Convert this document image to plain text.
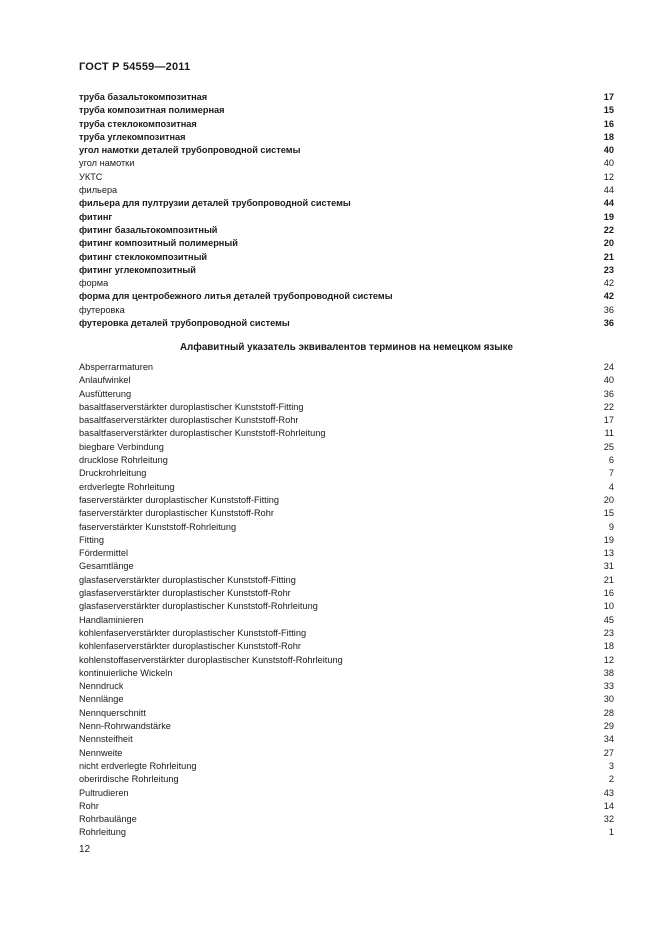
ГОСТ Р 54559—2011
труба базальтокомпозитная	17
труба композитная полимерная	15
труба стеклокомпозитная	16
труба углекомпозитная	18
угол намотки деталей трубопроводной системы	40
угол намотки	40
УКТС	12
фильера	44
фильера для пултрузии деталей трубопроводной системы	44
фитинг	19
фитинг базальтокомпозитный	22
фитинг композитный полимерный	20
фитинг стеклокомпозитный	21
фитинг углекомпозитный	23
форма	42
форма для центробежного литья деталей трубопроводной системы	42
футеровка	36
футеровка деталей трубопроводной системы	36
Алфавитный указатель эквивалентов терминов на немецком языке
Absperrarmaturen	24
Anlaufwinkel	40
Ausfütterung	36
basaltfaserverstärkter duroplastischer Kunststoff-Fitting	22
basaltfaserverstärkter duroplastischer Kunststoff-Rohr	17
basaltfaserverstärkter duroplastischer Kunststoff-Rohrleitung	11
biegbare Verbindung	25
drucklose Rohrleitung	6
Druckrohrleitung	7
erdverlegte Rohrleitung	4
faserverstärkter duroplastischer Kunststoff-Fitting	20
faserverstärkter duroplastischer Kunststoff-Rohr	15
faserverstärkter Kunststoff-Rohrleitung	9
Fitting	19
Fördermittel	13
Gesamtlänge	31
glasfaserverstärkter duroplastischer Kunststoff-Fitting	21
glasfaserverstärkter duroplastischer Kunststoff-Rohr	16
glasfaserverstärkter duroplastischer Kunststoff-Rohrleitung	10
Handlaminieren	45
kohlenfaserverstärkter duroplastischer Kunststoff-Fitting	23
kohlenfaserverstärkter duroplastischer Kunststoff-Rohr	18
kohlenstoffaserverstärkter duroplastischer Kunststoff-Rohrleitung	12
kontinuierliche Wickeln	38
Nenndruck	33
Nennlänge	30
Nennquerschnitt	28
Nenn-Rohrwandstärke	29
Nennsteifheit	34
Nennweite	27
nicht erdverlegte Rohrleitung	3
oberirdische Rohrleitung	2
Pultrudieren	43
Rohr	14
Rohrbaulänge	32
Rohrleitung	1
12
